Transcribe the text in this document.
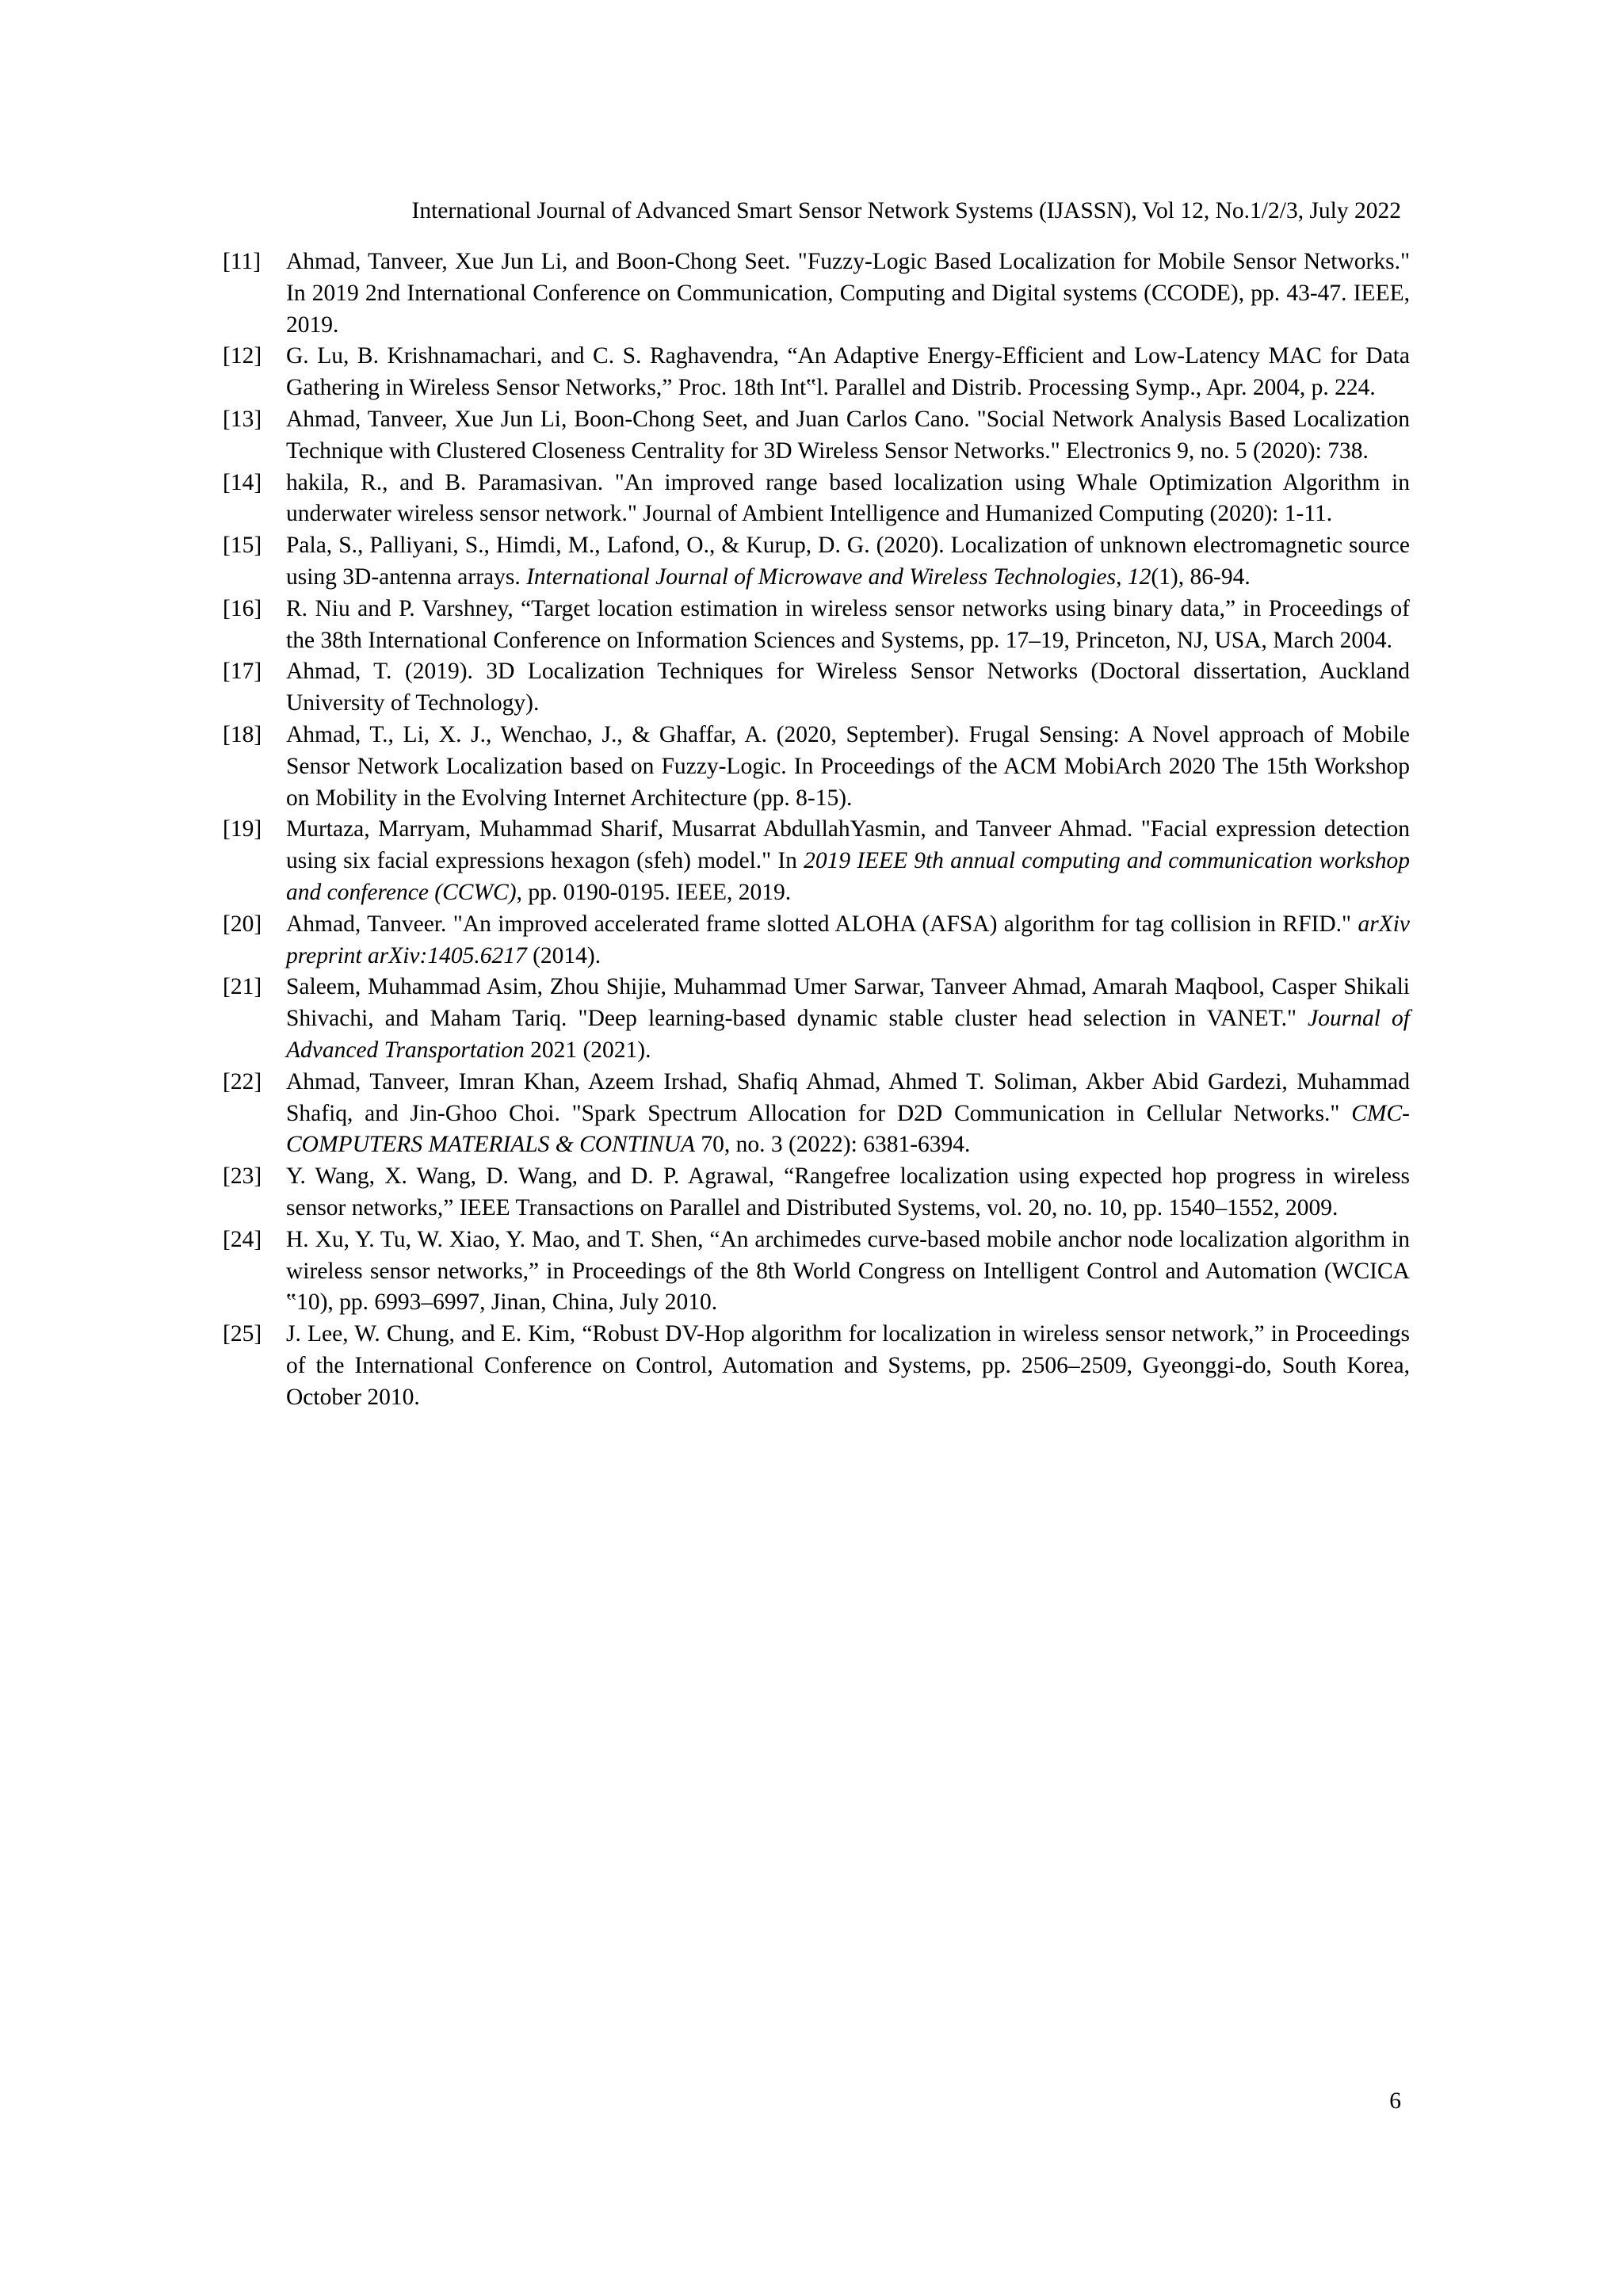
International Journal of Advanced Smart Sensor Network Systems (IJASSN), Vol 12, No.1/2/3, July 2022
[11] Ahmad, Tanveer, Xue Jun Li, and Boon-Chong Seet. "Fuzzy-Logic Based Localization for Mobile Sensor Networks." In 2019 2nd International Conference on Communication, Computing and Digital systems (CCODE), pp. 43-47. IEEE, 2019.
[12] G. Lu, B. Krishnamachari, and C. S. Raghavendra, “An Adaptive Energy-Efficient and Low-Latency MAC for Data Gathering in Wireless Sensor Networks,” Proc. 18th Int‟l. Parallel and Distrib. Processing Symp., Apr. 2004, p. 224.
[13] Ahmad, Tanveer, Xue Jun Li, Boon-Chong Seet, and Juan Carlos Cano. "Social Network Analysis Based Localization Technique with Clustered Closeness Centrality for 3D Wireless Sensor Networks." Electronics 9, no. 5 (2020): 738.
[14] hakila, R., and B. Paramasivan. "An improved range based localization using Whale Optimization Algorithm in underwater wireless sensor network." Journal of Ambient Intelligence and Humanized Computing (2020): 1-11.
[15] Pala, S., Palliyani, S., Himdi, M., Lafond, O., & Kurup, D. G. (2020). Localization of unknown electromagnetic source using 3D-antenna arrays. International Journal of Microwave and Wireless Technologies, 12(1), 86-94.
[16] R. Niu and P. Varshney, “Target location estimation in wireless sensor networks using binary data,” in Proceedings of the 38th International Conference on Information Sciences and Systems, pp. 17–19, Princeton, NJ, USA, March 2004.
[17] Ahmad, T. (2019). 3D Localization Techniques for Wireless Sensor Networks (Doctoral dissertation, Auckland University of Technology).
[18] Ahmad, T., Li, X. J., Wenchao, J., & Ghaffar, A. (2020, September). Frugal Sensing: A Novel approach of Mobile Sensor Network Localization based on Fuzzy-Logic. In Proceedings of the ACM MobiArch 2020 The 15th Workshop on Mobility in the Evolving Internet Architecture (pp. 8-15).
[19] Murtaza, Marryam, Muhammad Sharif, Musarrat AbdullahYasmin, and Tanveer Ahmad. "Facial expression detection using six facial expressions hexagon (sfeh) model." In 2019 IEEE 9th annual computing and communication workshop and conference (CCWC), pp. 0190-0195. IEEE, 2019.
[20] Ahmad, Tanveer. "An improved accelerated frame slotted ALOHA (AFSA) algorithm for tag collision in RFID." arXiv preprint arXiv:1405.6217 (2014).
[21] Saleem, Muhammad Asim, Zhou Shijie, Muhammad Umer Sarwar, Tanveer Ahmad, Amarah Maqbool, Casper Shikali Shivachi, and Maham Tariq. "Deep learning-based dynamic stable cluster head selection in VANET." Journal of Advanced Transportation 2021 (2021).
[22] Ahmad, Tanveer, Imran Khan, Azeem Irshad, Shafiq Ahmad, Ahmed T. Soliman, Akber Abid Gardezi, Muhammad Shafiq, and Jin-Ghoo Choi. "Spark Spectrum Allocation for D2D Communication in Cellular Networks." CMC-COMPUTERS MATERIALS & CONTINUA 70, no. 3 (2022): 6381-6394.
[23] Y. Wang, X. Wang, D. Wang, and D. P. Agrawal, “Rangefree localization using expected hop progress in wireless sensor networks,” IEEE Transactions on Parallel and Distributed Systems, vol. 20, no. 10, pp. 1540–1552, 2009.
[24] H. Xu, Y. Tu, W. Xiao, Y. Mao, and T. Shen, “An archimedes curve-based mobile anchor node localization algorithm in wireless sensor networks,” in Proceedings of the 8th World Congress on Intelligent Control and Automation (WCICA ‟10), pp. 6993–6997, Jinan, China, July 2010.
[25] J. Lee, W. Chung, and E. Kim, “Robust DV-Hop algorithm for localization in wireless sensor network,” in Proceedings of the International Conference on Control, Automation and Systems, pp. 2506–2509, Gyeonggi-do, South Korea, October 2010.
6
